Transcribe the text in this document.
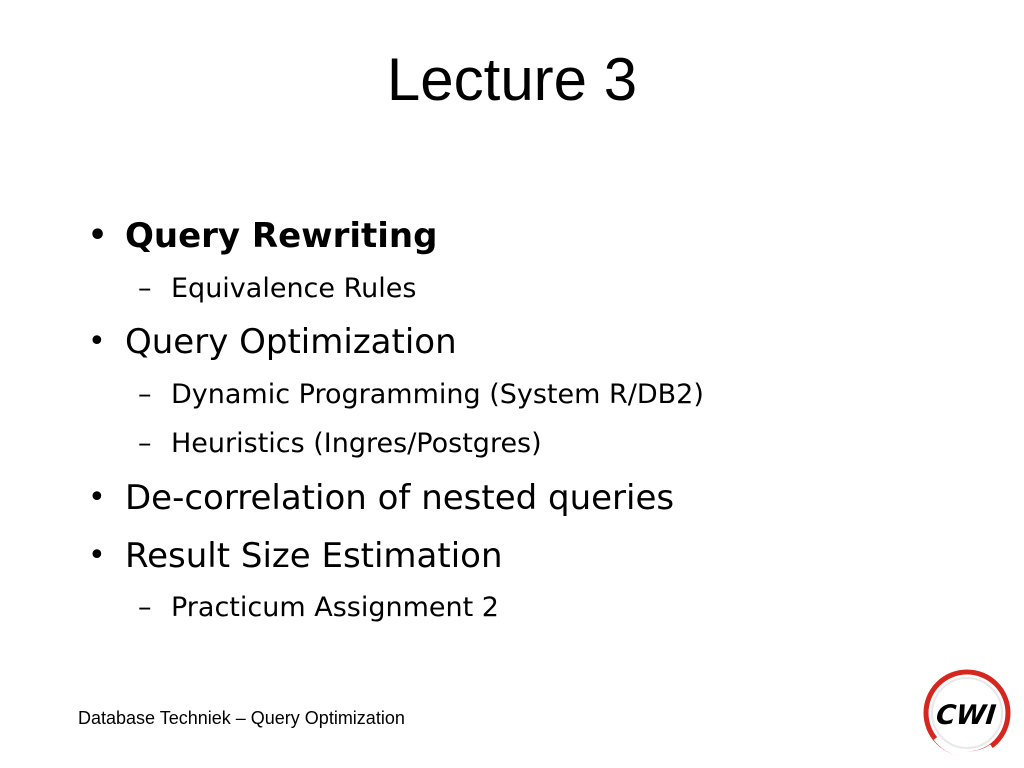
Lecture 3
• Query Rewriting
– Equivalence Rules
• Query Optimization
– Dynamic Programming (System R/DB2)
– Heuristics (Ingres/Postgres)
• De-correlation of nested queries
• Result Size Estimation
– Practicum Assignment 2
Database Techniek – Query Optimization	CWI
